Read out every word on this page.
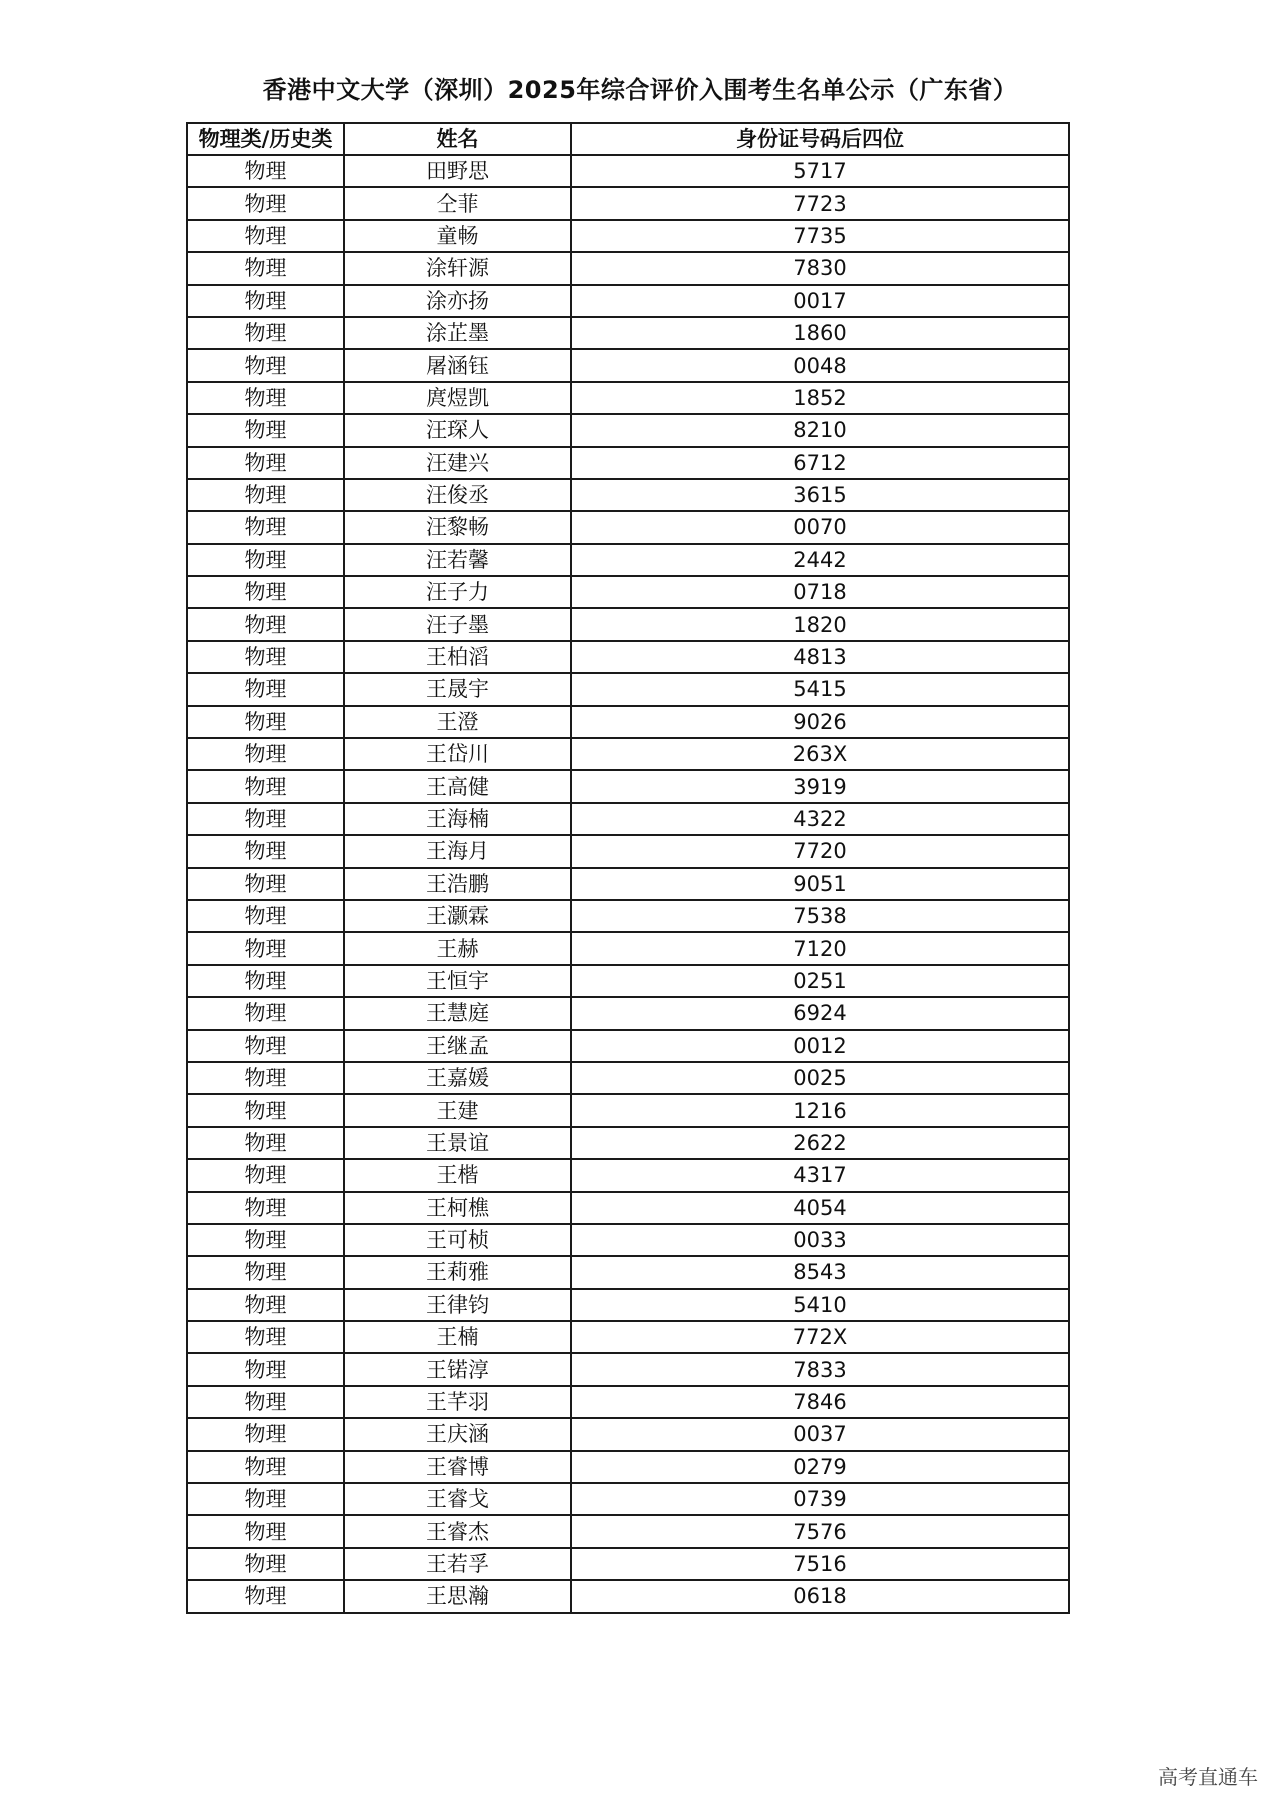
香港中文大学（深圳）2025年综合评价入围考生名单公示（广东省）
物理类/历史类	姓名	身份证号码后四位
物理	田野思	5717
物理	仝菲	7723
物理	童畅	7735
物理	涂轩源	7830
物理	涂亦扬	0017
物理	涂芷墨	1860
物理	屠涵钰	0048
物理	庹煜凯	1852
物理	汪琛人	8210
物理	汪建兴	6712
物理	汪俊丞	3615
物理	汪黎畅	0070
物理	汪若馨	2442
物理	汪子力	0718
物理	汪子墨	1820
物理	王柏滔	4813
物理	王晟宇	5415
物理	王澄	9026
物理	王岱川	263X
物理	王高健	3919
物理	王海楠	4322
物理	王海月	7720
物理	王浩鹏	9051
物理	王灏霖	7538
物理	王赫	7120
物理	王恒宇	0251
物理	王慧庭	6924
物理	王继孟	0012
物理	王嘉媛	0025
物理	王建	1216
物理	王景谊	2622
物理	王楷	4317
物理	王柯樵	4054
物理	王可桢	0033
物理	王莉雅	8543
物理	王律钧	5410
物理	王楠	772X
物理	王锘淳	7833
物理	王芊羽	7846
物理	王庆涵	0037
物理	王睿博	0279
物理	王睿戈	0739
物理	王睿杰	7576
物理	王若孚	7516
物理	王思瀚	0618
高考直通车
